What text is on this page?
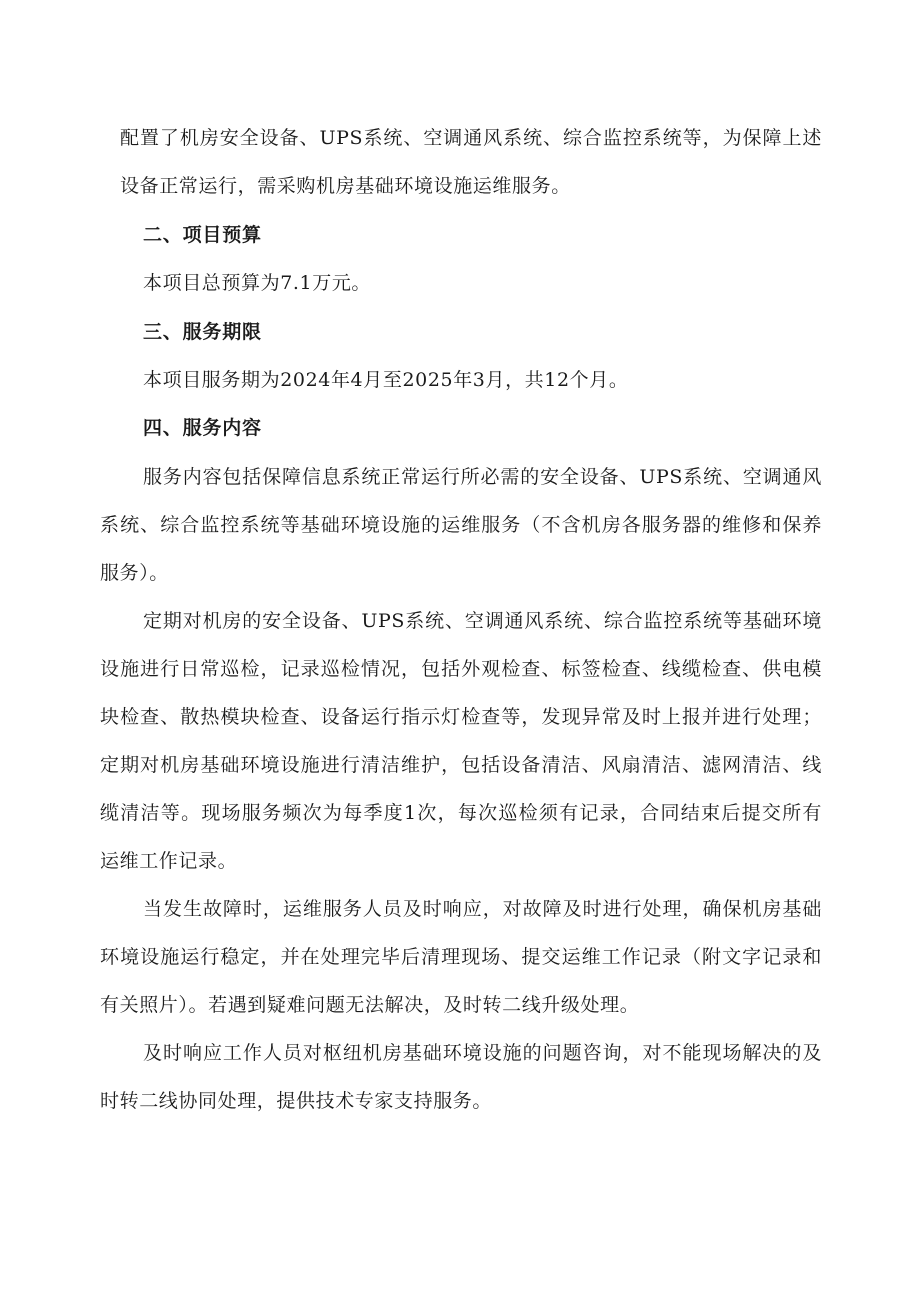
配置了机房安全设备、UPS系统、空调通风系统、综合监控系统等，为保障上述
设备正常运行，需采购机房基础环境设施运维服务。
二、项目预算
本项目总预算为7.1万元。
三、服务期限
本项目服务期为2024年4月至2025年3月，共12个月。
四、服务内容
服务内容包括保障信息系统正常运行所必需的安全设备、UPS系统、空调通风
系统、综合监控系统等基础环境设施的运维服务（不含机房各服务器的维修和保养
服务）。
定期对机房的安全设备、UPS系统、空调通风系统、综合监控系统等基础环境
设施进行日常巡检，记录巡检情况，包括外观检查、标签检查、线缆检查、供电模
块检查、散热模块检查、设备运行指示灯检查等，发现异常及时上报并进行处理；
定期对机房基础环境设施进行清洁维护，包括设备清洁、风扇清洁、滤网清洁、线
缆清洁等。现场服务频次为每季度1次，每次巡检须有记录，合同结束后提交所有
运维工作记录。
当发生故障时，运维服务人员及时响应，对故障及时进行处理，确保机房基础
环境设施运行稳定，并在处理完毕后清理现场、提交运维工作记录（附文字记录和
有关照片）。若遇到疑难问题无法解决，及时转二线升级处理。
及时响应工作人员对枢纽机房基础环境设施的问题咨询，对不能现场解决的及
时转二线协同处理，提供技术专家支持服务。
